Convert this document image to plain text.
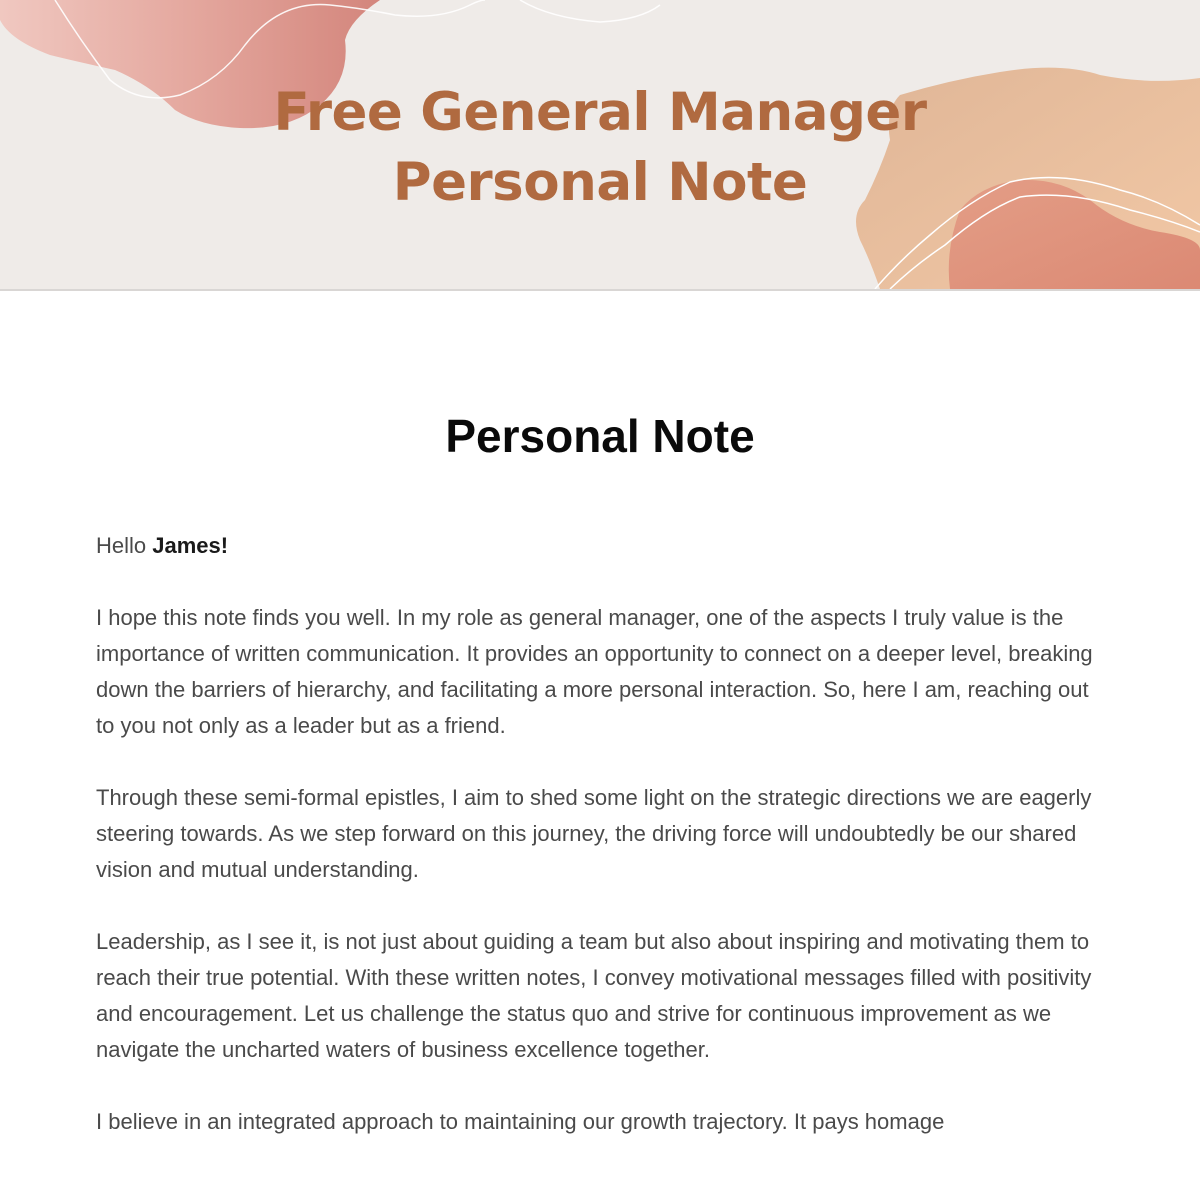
Free General Manager
Personal Note
Personal Note

Hello James!

I hope this note finds you well. In my role as general manager, one of the aspects I truly value is the importance of written communication. It provides an opportunity to connect on a deeper level, breaking down the barriers of hierarchy, and facilitating a more personal interaction. So, here I am, reaching out to you not only as a leader but as a friend.

Through these semi-formal epistles, I aim to shed some light on the strategic directions we are eagerly steering towards. As we step forward on this journey, the driving force will undoubtedly be our shared vision and mutual understanding.

Leadership, as I see it, is not just about guiding a team but also about inspiring and motivating them to reach their true potential. With these written notes, I convey motivational messages filled with positivity and encouragement. Let us challenge the status quo and strive for continuous improvement as we navigate the uncharted waters of business excellence together.

I believe in an integrated approach to maintaining our growth trajectory. It pays homage
